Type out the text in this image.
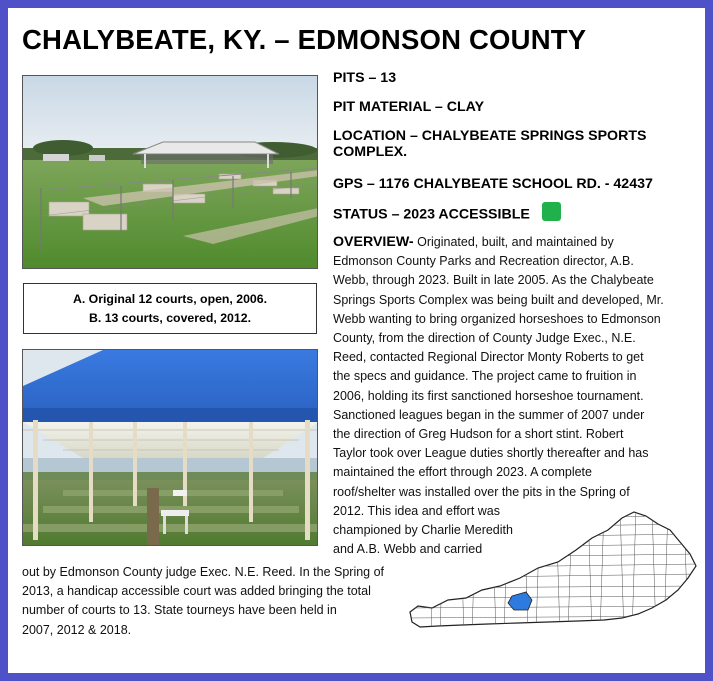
CHALYBEATE, KY. – EDMONSON COUNTY
PITS – 13
PIT MATERIAL – CLAY
LOCATION – CHALYBEATE SPRINGS SPORTS COMPLEX.
GPS – 1176 CHALYBEATE SCHOOL RD. - 42437
STATUS – 2023 ACCESSIBLE
A. Original 12 courts, open, 2006.
B. 13 courts, covered, 2012.
OVERVIEW- Originated, built, and maintained by
Edmonson County Parks and Recreation director, A.B.
Webb, through 2023. Built in late 2005. As the Chalybeate
Springs Sports Complex was being built and developed, Mr.
Webb wanting to bring organized horseshoes to Edmonson
County, from the direction of County Judge Exec., N.E.
Reed, contacted Regional Director Monty Roberts to get
the specs and guidance. The project came to fruition in
2006, holding its first sanctioned horseshoe tournament.
Sanctioned leagues began in the summer of 2007 under
the direction of Greg Hudson for a short stint. Robert
Taylor took over League duties shortly thereafter and has
maintained the effort through 2023. A complete
roof/shelter was installed over the pits in the Spring of
2012. This idea and effort was
championed by Charlie Meredith
and A.B. Webb and carried
out by Edmonson County judge Exec. N.E. Reed. In the Spring of
2013, a handicap accessible court was added bringing the total
number of courts to 13. State tourneys have been held in
2007, 2012 & 2018.
